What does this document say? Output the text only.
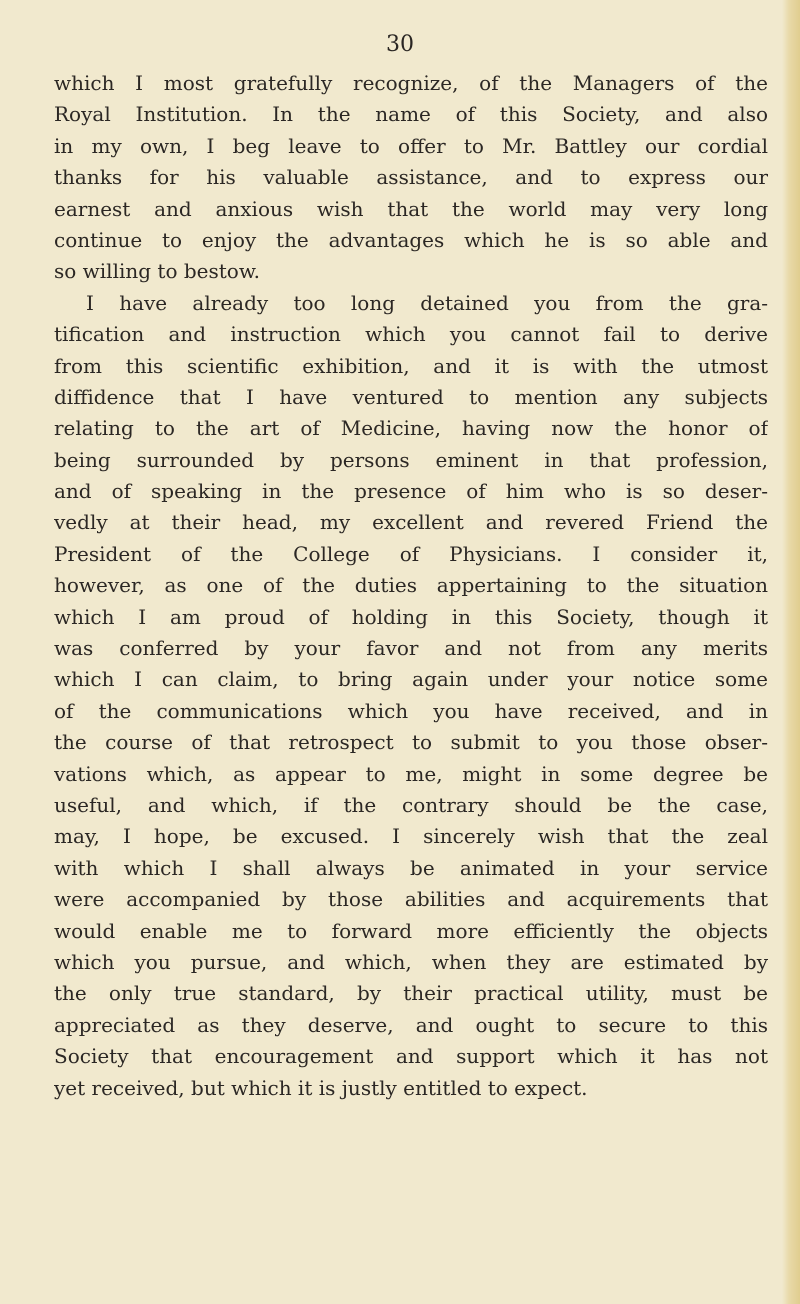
30
which I most gratefully recognize, of the Managers of the
Royal Institution. In the name of this Society, and also
in my own, I beg leave to offer to Mr. Battley our cordial
thanks for his valuable assistance, and to express our
earnest and anxious wish that the world may very long
continue to enjoy the advantages which he is so able and
so willing to bestow.
I have already too long detained you from the gra-
tification and instruction which you cannot fail to derive
from this scientific exhibition, and it is with the utmost
diffidence that I have ventured to mention any subjects
relating to the art of Medicine, having now the honor of
being surrounded by persons eminent in that profession,
and of speaking in the presence of him who is so deser-
vedly at their head, my excellent and revered Friend the
President of the College of Physicians. I consider it,
however, as one of the duties appertaining to the situation
which I am proud of holding in this Society, though it
was conferred by your favor and not from any merits
which I can claim, to bring again under your notice some
of the communications which you have received, and in
the course of that retrospect to submit to you those obser-
vations which, as appear to me, might in some degree be
useful, and which, if the contrary should be the case,
may, I hope, be excused. I sincerely wish that the zeal
with which I shall always be animated in your service
were accompanied by those abilities and acquirements that
would enable me to forward more efficiently the objects
which you pursue, and which, when they are estimated by
the only true standard, by their practical utility, must be
appreciated as they deserve, and ought to secure to this
Society that encouragement and support which it has not
yet received, but which it is justly entitled to expect.
